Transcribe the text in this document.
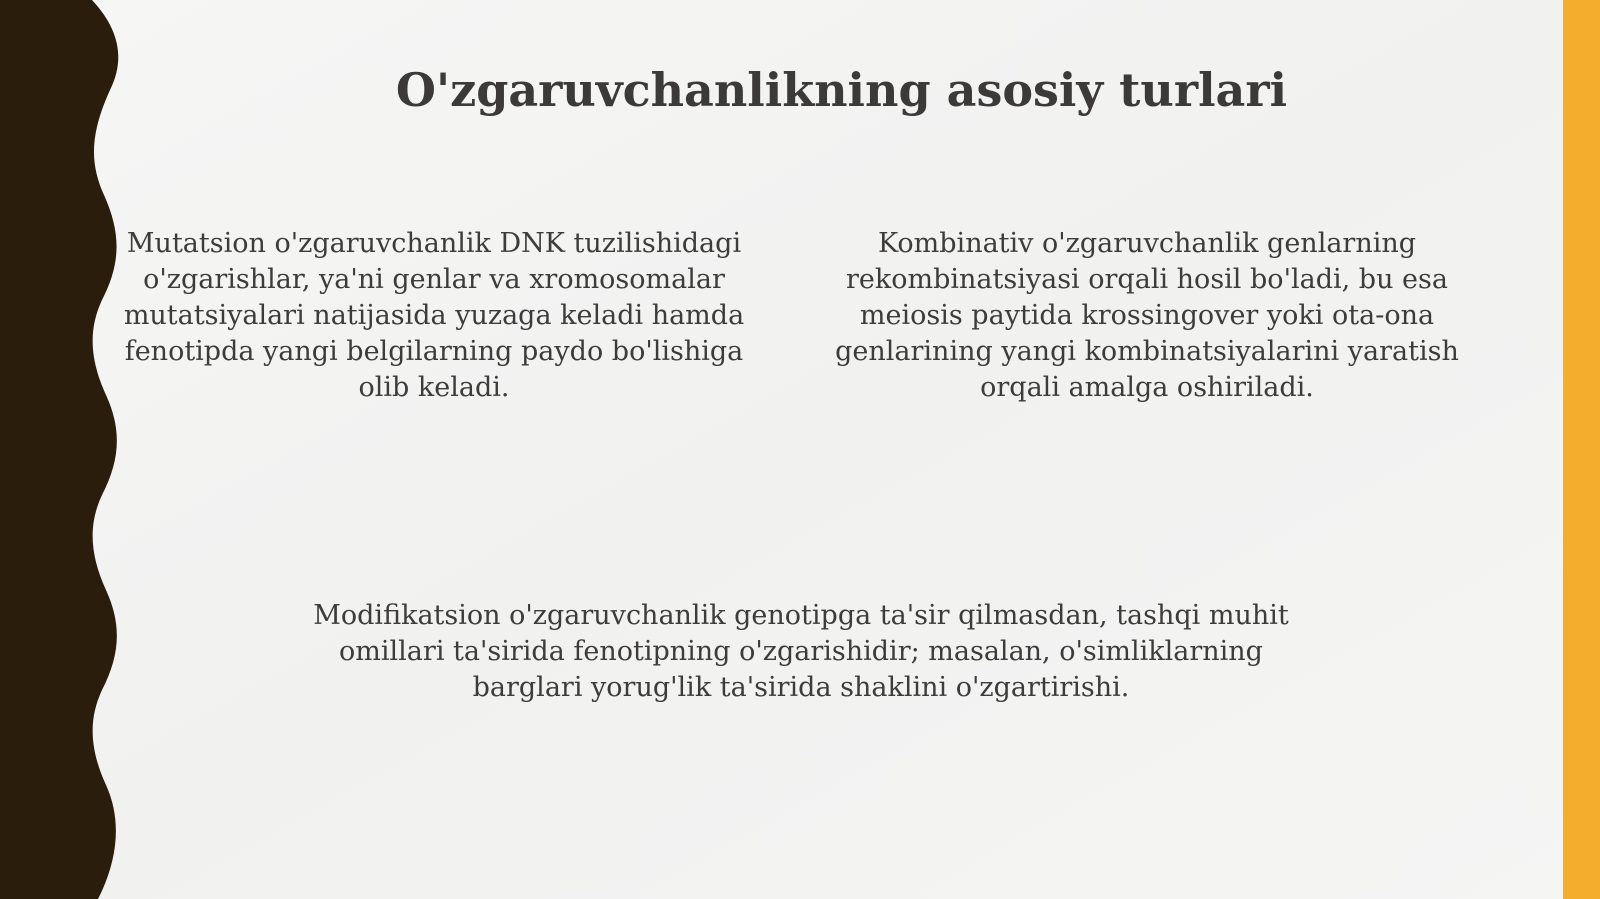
O'zgaruvchanlikning asosiy turlari

Mutatsion o'zgaruvchanlik DNK tuzilishidagi o'zgarishlar, ya'ni genlar va xromosomalar mutatsiyalari natijasida yuzaga keladi hamda fenotipda yangi belgilarning paydo bo'lishiga olib keladi.

Kombinativ o'zgaruvchanlik genlarning rekombinatsiyasi orqali hosil bo'ladi, bu esa meiosis paytida krossingover yoki ota-ona genlarining yangi kombinatsiyalarini yaratish orqali amalga oshiriladi.

Modifikatsion o'zgaruvchanlik genotipga ta'sir qilmasdan, tashqi muhit omillari ta'sirida fenotipning o'zgarishidir; masalan, o'simliklarning barglari yorug'lik ta'sirida shaklini o'zgartirishi.
